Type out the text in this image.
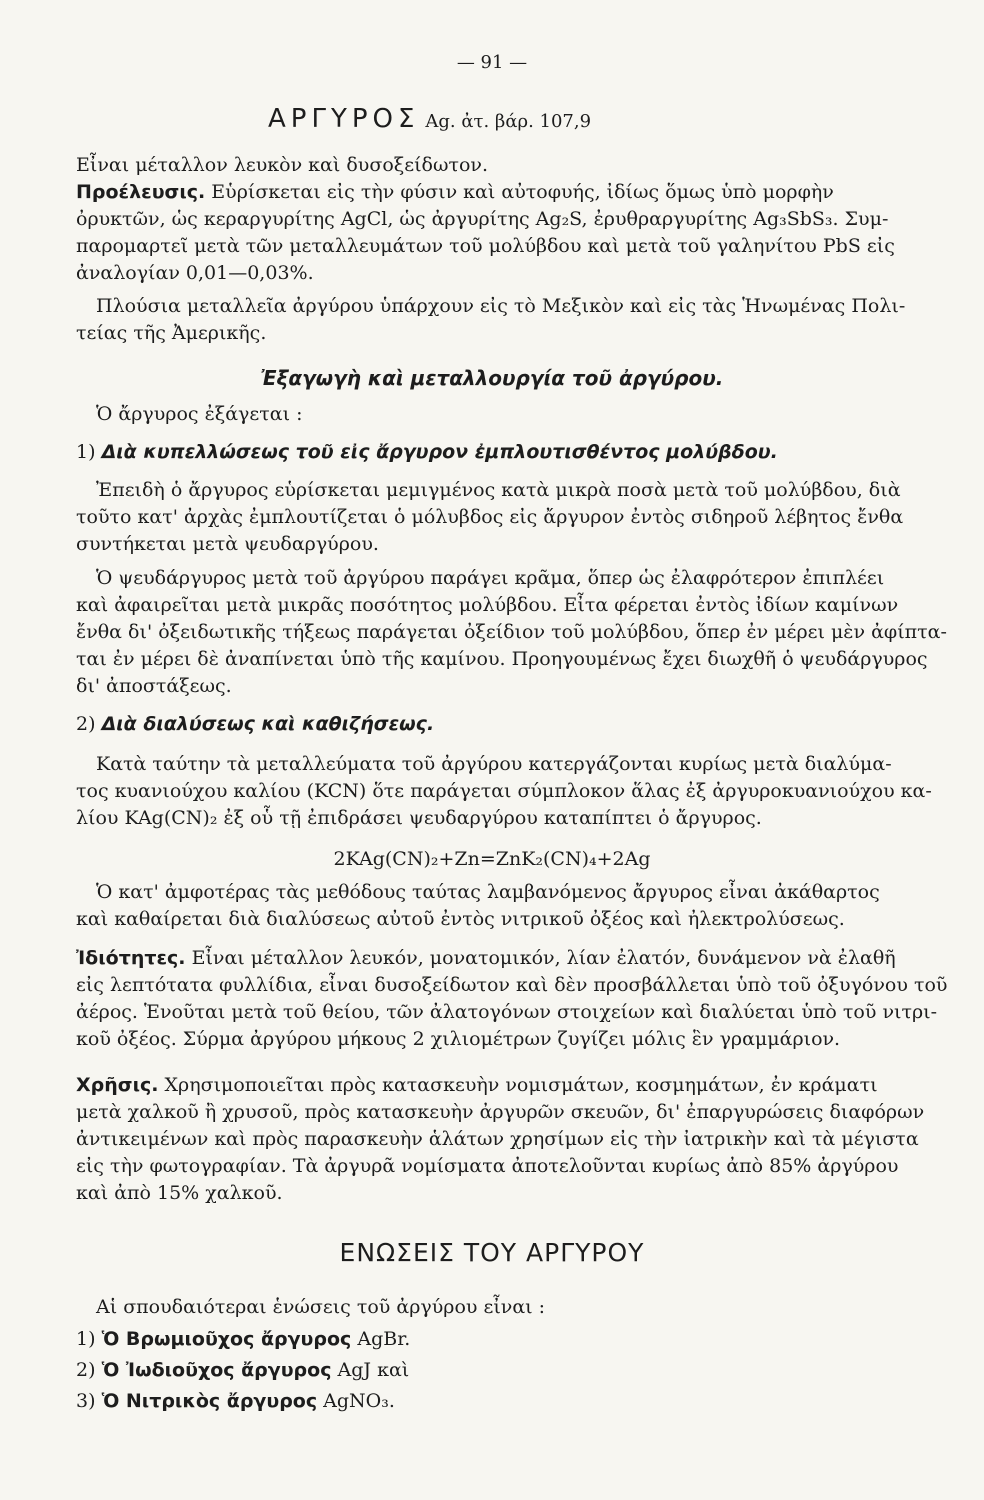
— 91 —
ΑΡΓΥΡΟΣ Ag. ἀτ. βάρ. 107,9
Εἶναι μέταλλον λευκὸν καὶ δυσοξείδωτον.
Προέλευσις. Εὑρίσκεται εἰς τὴν φύσιν καὶ αὐτοφυής, ἰδίως ὅμως ὑπὸ μορφὴν
ὀρυκτῶν, ὡς κεραργυρίτης AgCl, ὡς ἀργυρίτης Ag₂S, ἐρυθραργυρίτης Ag₃SbS₃. Συμ-
παρομαρτεῖ μετὰ τῶν μεταλλευμάτων τοῦ μολύβδου καὶ μετὰ τοῦ γαληνίτου PbS εἰς
ἀναλογίαν 0,01—0,03%.
Πλούσια μεταλλεῖα ἀργύρου ὑπάρχουν εἰς τὸ Μεξικὸν καὶ εἰς τὰς Ἡνωμένας Πολι-
τείας τῆς Ἀμερικῆς.
Ἐξαγωγὴ καὶ μεταλλουργία τοῦ ἀργύρου.
Ὁ ἄργυρος ἐξάγεται :
1) Διὰ κυπελλώσεως τοῦ εἰς ἄργυρον ἐμπλουτισθέντος μολύβδου.
Ἐπειδὴ ὁ ἄργυρος εὑρίσκεται μεμιγμένος κατὰ μικρὰ ποσὰ μετὰ τοῦ μολύβδου, διὰ
τοῦτο κατ' ἀρχὰς ἐμπλουτίζεται ὁ μόλυβδος εἰς ἄργυρον ἐντὸς σιδηροῦ λέβητος ἔνθα
συντήκεται μετὰ ψευδαργύρου.
Ὁ ψευδάργυρος μετὰ τοῦ ἀργύρου παράγει κρᾶμα, ὅπερ ὡς ἐλαφρότερον ἐπιπλέει
καὶ ἀφαιρεῖται μετὰ μικρᾶς ποσότητος μολύβδου. Εἶτα φέρεται ἐντὸς ἰδίων καμίνων
ἔνθα δι' ὀξειδωτικῆς τήξεως παράγεται ὀξείδιον τοῦ μολύβδου, ὅπερ ἐν μέρει μὲν ἀφίπτα-
ται ἐν μέρει δὲ ἀναπίνεται ὑπὸ τῆς καμίνου. Προηγουμένως ἔχει διωχθῆ ὁ ψευδάργυρος
δι' ἀποστάξεως.
2) Διὰ διαλύσεως καὶ καθιζήσεως.
Κατὰ ταύτην τὰ μεταλλεύματα τοῦ ἀργύρου κατεργάζονται κυρίως μετὰ διαλύμα-
τος κυανιούχου καλίου (KCN) ὅτε παράγεται σύμπλοκον ἅλας ἐξ ἀργυροκυανιούχου κα-
λίου KAg(CN)₂ ἐξ οὗ τῇ ἐπιδράσει ψευδαργύρου καταπίπτει ὁ ἄργυρος.
2KAg(CN)₂+Zn=ZnK₂(CN)₄+2Ag
Ὁ κατ' ἀμφοτέρας τὰς μεθόδους ταύτας λαμβανόμενος ἄργυρος εἶναι ἀκάθαρτος
καὶ καθαίρεται διὰ διαλύσεως αὐτοῦ ἐντὸς νιτρικοῦ ὀξέος καὶ ἠλεκτρολύσεως.
Ἰδιότητες. Εἶναι μέταλλον λευκόν, μονατομικόν, λίαν ἐλατόν, δυνάμενον νὰ ἐλαθῆ
εἰς λεπτότατα φυλλίδια, εἶναι δυσοξείδωτον καὶ δὲν προσβάλλεται ὑπὸ τοῦ ὀξυγόνου τοῦ
ἀέρος. Ἑνοῦται μετὰ τοῦ θείου, τῶν ἀλατογόνων στοιχείων καὶ διαλύεται ὑπὸ τοῦ νιτρι-
κοῦ ὀξέος. Σύρμα ἀργύρου μήκους 2 χιλιομέτρων ζυγίζει μόλις ἓν γραμμάριον.
Χρῆσις. Χρησιμοποιεῖται πρὸς κατασκευὴν νομισμάτων, κοσμημάτων, ἐν κράματι
μετὰ χαλκοῦ ἢ χρυσοῦ, πρὸς κατασκευὴν ἀργυρῶν σκευῶν, δι' ἐπαργυρώσεις διαφόρων
ἀντικειμένων καὶ πρὸς παρασκευὴν ἁλάτων χρησίμων εἰς τὴν ἰατρικὴν καὶ τὰ μέγιστα
εἰς τὴν φωτογραφίαν. Τὰ ἀργυρᾶ νομίσματα ἀποτελοῦνται κυρίως ἀπὸ 85% ἀργύρου
καὶ ἀπὸ 15% χαλκοῦ.
ΕΝΩΣΕΙΣ ΤΟΥ ΑΡΓΥΡΟΥ
Αἱ σπουδαιότεραι ἑνώσεις τοῦ ἀργύρου εἶναι :
1) Ὁ Βρωμιοῦχος ἄργυρος AgBr.
2) Ὁ Ἰωδιοῦχος ἄργυρος AgJ καὶ
3) Ὁ Νιτρικὸς ἄργυρος AgNO₃.
